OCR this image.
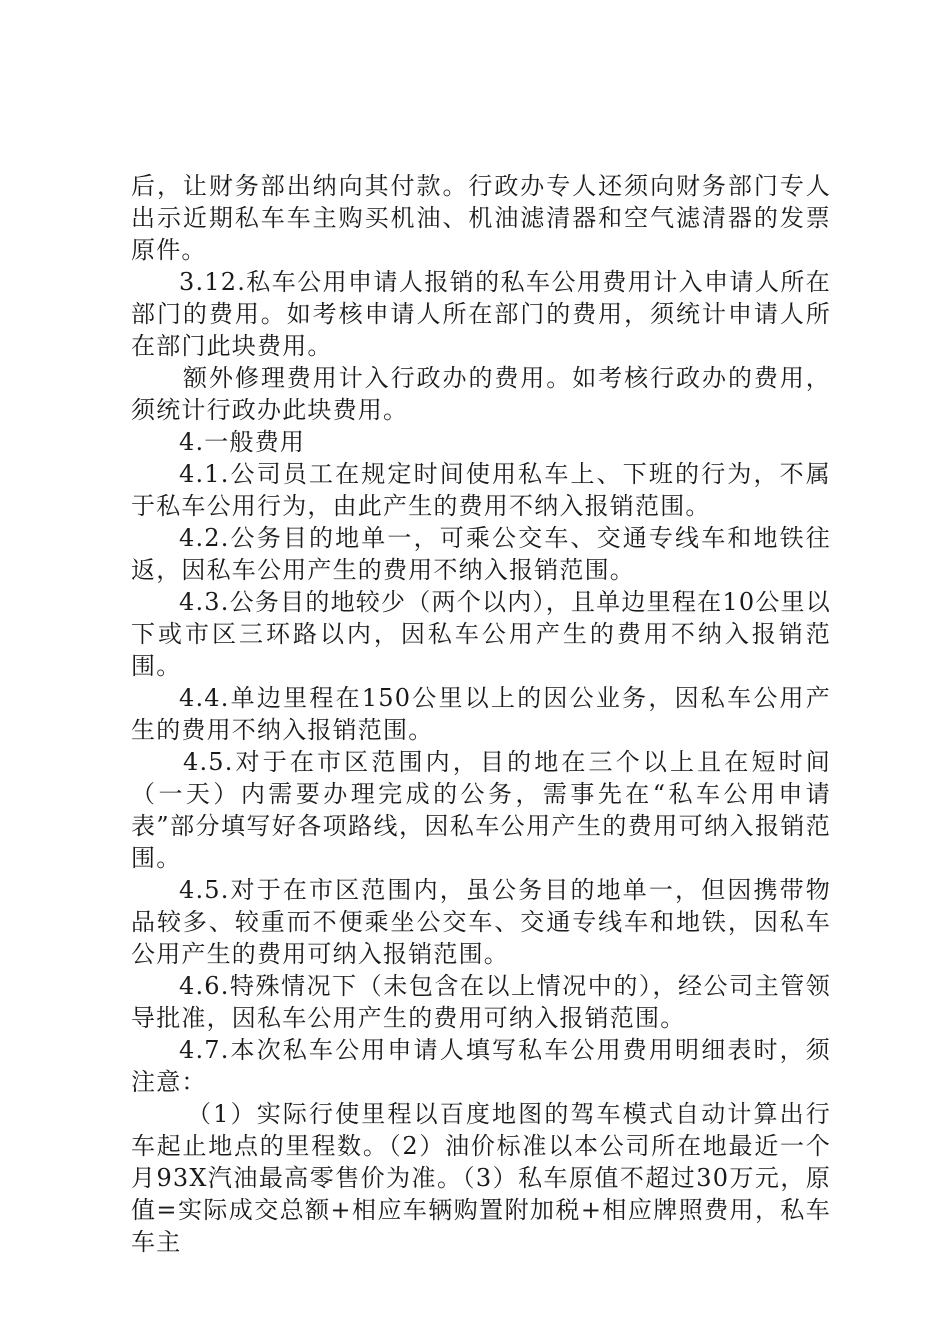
后，让财务部出纳向其付款。行政办专人还须向财务部门专人出示近期私车车主购买机油、机油滤清器和空气滤清器的发票原件。

3.12.私车公用申请人报销的私车公用费用计入申请人所在部门的费用。如考核申请人所在部门的费用，须统计申请人所在部门此块费用。

额外修理费用计入行政办的费用。如考核行政办的费用，须统计行政办此块费用。

4.一般费用

4.1.公司员工在规定时间使用私车上、下班的行为，不属于私车公用行为，由此产生的费用不纳入报销范围。

4.2.公务目的地单一，可乘公交车、交通专线车和地铁往返，因私车公用产生的费用不纳入报销范围。

4.3.公务目的地较少（两个以内），且单边里程在10公里以下或市区三环路以内，因私车公用产生的费用不纳入报销范围。

4.4.单边里程在150公里以上的因公业务，因私车公用产生的费用不纳入报销范围。

4.5.对于在市区范围内，目的地在三个以上且在短时间（一天）内需要办理完成的公务，需事先在“私车公用申请表”部分填写好各项路线，因私车公用产生的费用可纳入报销范围。

4.5.对于在市区范围内，虽公务目的地单一，但因携带物品较多、较重而不便乘坐公交车、交通专线车和地铁，因私车公用产生的费用可纳入报销范围。

4.6.特殊情况下（未包含在以上情况中的），经公司主管领导批准，因私车公用产生的费用可纳入报销范围。

4.7.本次私车公用申请人填写私车公用费用明细表时，须注意：

（1）实际行使里程以百度地图的驾车模式自动计算出行车起止地点的里程数。（2）油价标准以本公司所在地最近一个月93X汽油最高零售价为准。（3）私车原值不超过30万元，原值=实际成交总额+相应车辆购置附加税+相应牌照费用，私车车主
